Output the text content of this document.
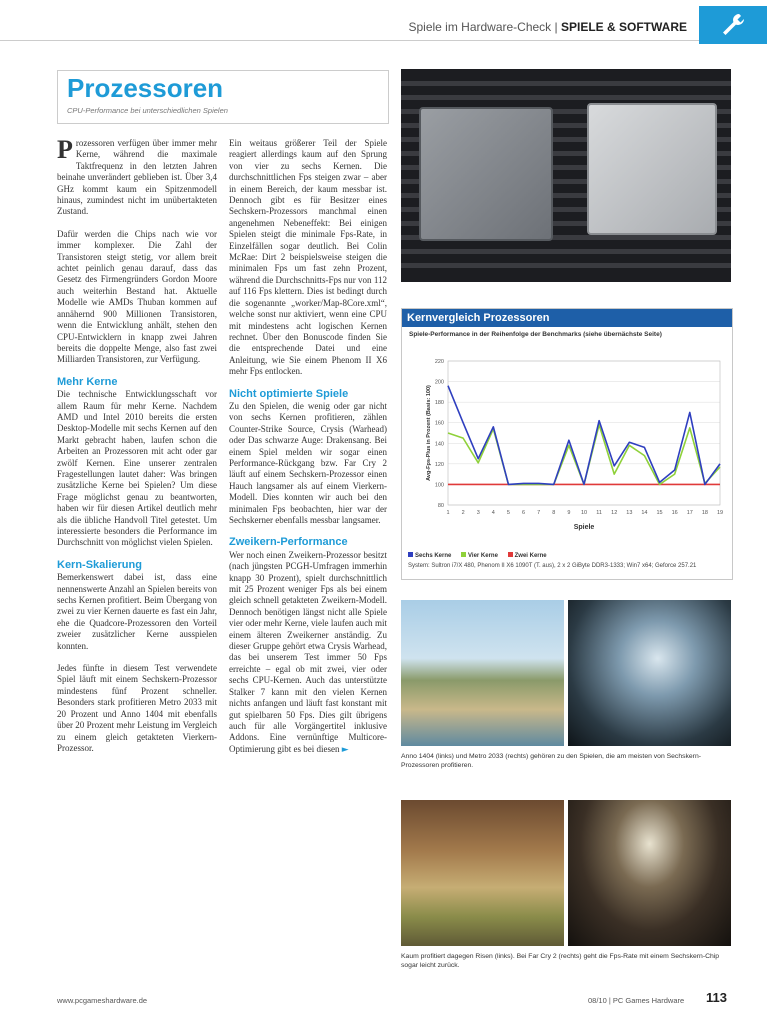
Spiele im Hardware-Check | SPIELE & SOFTWARE
Prozessoren
CPU-Performance bei unterschiedlichen Spielen

Prozessoren verfügen über immer mehr Kerne, während die maximale Taktfrequenz in den letzten Jahren beinahe unverändert geblieben ist. Über 3,4 GHz kommt kaum ein Spitzenmodell hinaus, zumindest nicht im unübertakteten Zustand.

Dafür werden die Chips nach wie vor immer komplexer. Die Zahl der Transistoren steigt stetig, vor allem breit achtet peinlich genau darauf, dass das Gesetz des Firmengründers Gordon Moore auch weiterhin Bestand hat. Aktuelle Modelle wie AMDs Thuban kommen auf annähernd 900 Millionen Transistoren, wenn die Entwicklung anhält, stehen den CPU-Entwicklern in knapp zwei Jahren bereits die doppelte Menge, also fast zwei Milliarden Transistoren, zur Verfügung.

Mehr Kerne

Die technische Entwicklungsschaft vor allem Raum für mehr Kerne. Nachdem AMD und Intel 2010 bereits die ersten Desktop-Modelle mit sechs Kernen auf den Markt gebracht haben, laufen schon die Arbeiten an Prozessoren mit acht oder gar zwölf Kernen. Eine unserer zentralen Fragestellungen lautet daher: Was bringen zusätzliche Kerne bei Spielen? Um diese Frage möglichst genau zu beantworten, haben wir für diesen Artikel deutlich mehr als die übliche Handvoll Titel getestet. Um interessierte besonders die Performance im Durchschnitt von möglichst vielen Spielen.

Kern-Skalierung

Bemerkenswert dabei ist, dass eine nennenswerte Anzahl an Spielen bereits von sechs Kernen profitiert. Beim Übergang von zwei zu vier Kernen dauerte es fast ein Jahr, ehe die Quadcore-Prozessoren den Vorteil zweier zusätzlicher Kerne ausspielen konnten.

Jedes fünfte in diesem Test verwendete Spiel läuft mit einem Sechskern-Prozessor mindestens fünf Prozent schneller. Besonders stark profitieren Metro 2033 mit 20 Prozent und Anno 1404 mit ebenfalls über 20 Prozent mehr Leistung im Vergleich zu einem gleich getakteten Vierkern-Prozessor.

Ein weitaus größerer Teil der Spiele reagiert allerdings kaum auf den Sprung von vier zu sechs Kernen. Die durchschnittlichen Fps steigen zwar – aber in einem Bereich, der kaum messbar ist. Dennoch gibt es für Besitzer eines Sechskern-Prozessors manchmal einen angenehmen Nebeneffekt: Bei einigen Spielen steigt die minimale Fps-Rate, in Einzelfällen sogar deutlich. Bei Colin McRae: Dirt 2 beispielsweise steigen die minimalen Fps um fast zehn Prozent, während die Durchschnitts-Fps nur von 112 auf 116 Fps klettern. Dies ist bedingt durch die sogenannte „worker/Map-8Core.xml“, welche sonst nur aktiviert, wenn eine CPU mit mindestens acht logischen Kernen rechnet. Über den Bonuscode finden Sie die entsprechende Datei und eine Anleitung, wie Sie einem Phenom II X6 mehr Fps entlocken.

Nicht optimierte Spiele

Zu den Spielen, die wenig oder gar nicht von sechs Kernen profitieren, zählen Counter-Strike Source, Crysis (Warhead) oder Das schwarze Auge: Drakensang. Bei einem Spiel melden wir sogar einen Performance-Rückgang bzw. Far Cry 2 läuft auf einem Sechskern-Prozessor einen Hauch langsamer als auf einem Vierkern-Modell. Dies konnten wir auch bei den minimalen Fps beobachten, hier war der Sechskerner ebenfalls messbar langsamer.

Zweikern-Performance

Wer noch einen Zweikern-Prozessor besitzt (nach jüngsten PCGH-Umfragen immerhin knapp 30 Prozent), spielt durchschnittlich mit 25 Prozent weniger Fps als bei einem gleich schnell getakteten Zweikern-Modell. Dennoch benötigen längst nicht alle Spiele vier oder mehr Kerne, viele laufen auch mit einem älteren Zweikerner anständig. Zu dieser Gruppe gehört etwa Crysis Warhead, das bei unserem Test immer 50 Fps erreichte – egal ob mit zwei, vier oder sechs CPU-Kernen. Auch das unterstützte Stalker 7 kann mit den vielen Kernen nichts anfangen und läuft fast konstant mit gut spielbaren 50 Fps. Dies gilt übrigens auch für alle Vorgängertitel inklusive Addons. Eine vernünftige Multicore-Optimierung gibt es bei diesen ►

Kernvergleich Prozessoren
Spiele-Performance in der Reihenfolge der Benchmarks (siehe übernächste Seite)
80
100
120
140
160
180
200
220
1 2 3 4 5 6 7 8 9 10 11 12 13 14 15 16 17 18 19
Spiele
Avg-Fps-Plus in Prozent (Basis: 100)
Sechs Kerne	Vier Kerne	Zwei Kerne
System: Sultron i7/X 480, Phenom II X6 1090T (T. aus), 2 x 2 GiByte DDR3-1333; Win7 x64; Geforce 257.21
Anno 1404 (links) und Metro 2033 (rechts) gehören zu den Spielen, die am meisten von Sechskern-Prozessoren profitieren.
Kaum profitiert dagegen Risen (links). Bei Far Cry 2 (rechts) geht die Fps-Rate mit einem Sechskern-Chip sogar leicht zurück.
www.pcgameshardware.de	08/10 | PC Games Hardware 113
